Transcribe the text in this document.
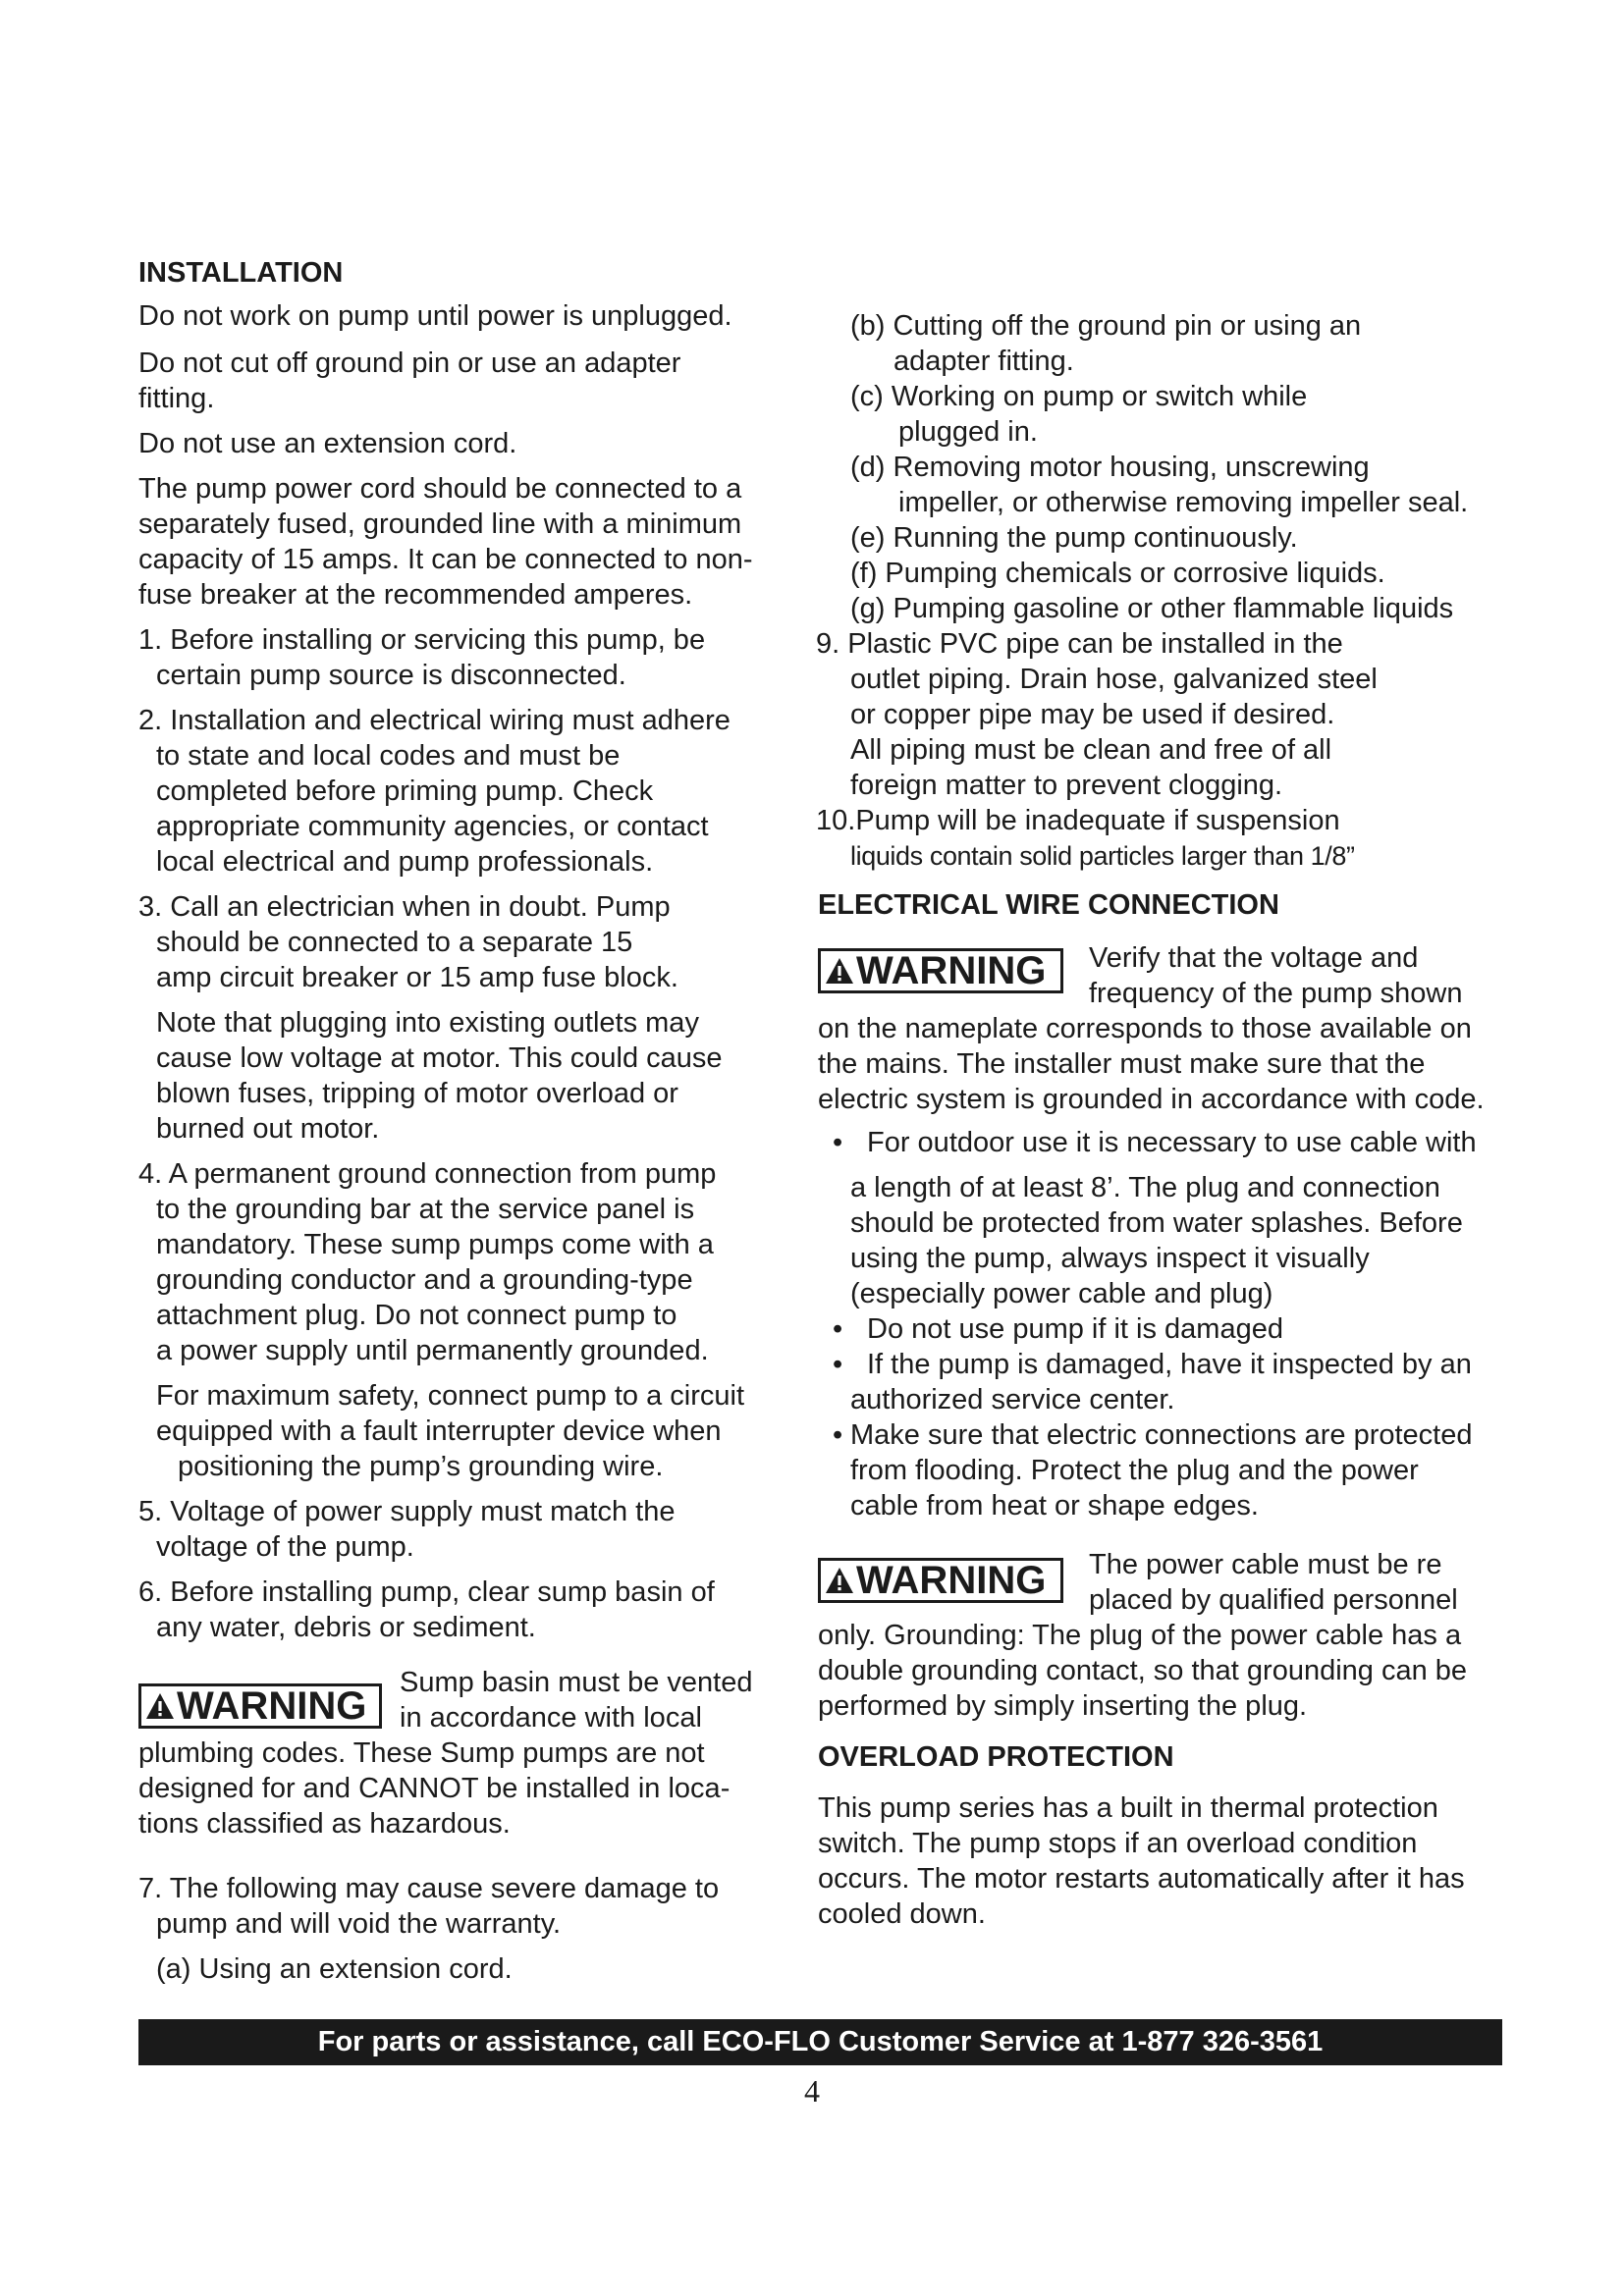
INSTALLATION
Do not work on pump until power is unplugged.
Do not cut off ground pin or use an adapter
fitting.
Do not use an extension cord.
The pump power cord should be connected to a
separately fused, grounded line with a minimum
capacity of 15 amps. It can be connected to non-
fuse breaker at the recommended amperes.
1. Before installing or servicing this pump, be
certain pump source is disconnected.
2. Installation and electrical wiring must adhere
to state and local codes and must be
completed before priming pump. Check
appropriate community agencies, or contact
local electrical and pump professionals.
3. Call an electrician when in doubt. Pump
should be connected to a separate 15
amp circuit breaker or 15 amp fuse block.
Note that plugging into existing outlets may
cause low voltage at motor. This could cause
blown fuses, tripping of motor overload or
burned out motor.
4. A permanent ground connection from pump
to the grounding bar at the service panel is
mandatory. These sump pumps come with a
grounding conductor and a grounding-type
attachment plug. Do not connect pump to
a power supply until permanently grounded.
For maximum safety, connect pump to a circuit
equipped with a fault interrupter device when
positioning the pump’s grounding wire.
5. Voltage of power supply must match the
voltage of the pump.
6. Before installing pump, clear sump basin of
any water, debris or sediment.
WARNING
Sump basin must be vented
in accordance with local
plumbing codes. These Sump pumps are not
designed for and CANNOT be installed in loca-
tions classified as hazardous.
7. The following may cause severe damage to
pump and will void the warranty.
(a) Using an extension cord.
(b) Cutting off the ground pin or using an
adapter fitting.
(c) Working on pump or switch while
plugged in.
(d) Removing motor housing, unscrewing
impeller, or otherwise removing impeller seal.
(e) Running the pump continuously.
(f) Pumping chemicals or corrosive liquids.
(g) Pumping gasoline or other flammable liquids
9. Plastic PVC pipe can be installed in the
outlet piping. Drain hose, galvanized steel
or copper pipe may be used if desired.
All piping must be clean and free of all
foreign matter to prevent clogging.
10.Pump will be inadequate if suspension
liquids contain solid particles larger than 1/8”
ELECTRICAL WIRE CONNECTION
WARNING Verify that the voltage and
frequency of the pump shown
on the nameplate corresponds to those available on
the mains. The installer must make sure that the
electric system is grounded in accordance with code.
• For outdoor use it is necessary to use cable with
a length of at least 8’. The plug and connection
should be protected from water splashes. Before
using the pump, always inspect it visually
(especially power cable and plug)
• Do not use pump if it is damaged
• If the pump is damaged, have it inspected by an
authorized service center.
• Make sure that electric connections are protected
from flooding. Protect the plug and the power
cable from heat or shape edges.
WARNING The power cable must be re
placed by qualified personnel
only. Grounding: The plug of the power cable has a
double grounding contact, so that grounding can be
performed by simply inserting the plug.
OVERLOAD PROTECTION
This pump series has a built in thermal protection
switch. The pump stops if an overload condition
occurs. The motor restarts automatically after it has
cooled down.
For parts or assistance, call ECO-FLO Customer Service at 1-877 326-3561
4
